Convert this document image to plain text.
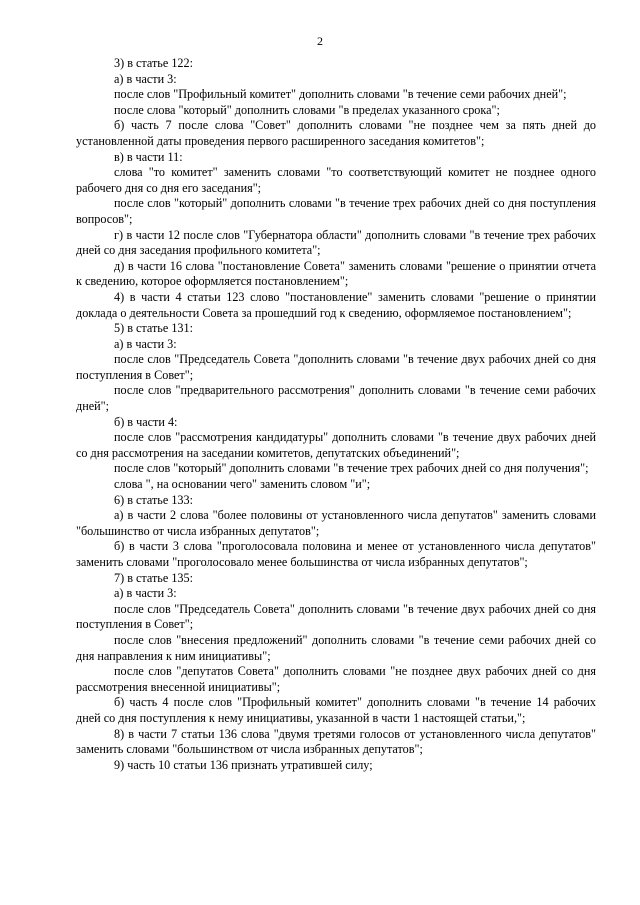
2

3) в статье 122:

а) в части 3:

после слов "Профильный комитет" дополнить словами "в течение семи рабочих дней";

после слова "который" дополнить словами "в пределах указанного срока";

б) часть 7 после слова "Совет" дополнить словами "не позднее чем за пять дней до установленной даты проведения первого расширенного заседания комитетов";

в) в части 11:

слова "то комитет" заменить словами "то соответствующий комитет не позднее одного рабочего дня со дня его заседания";

после слов "который" дополнить словами "в течение трех рабочих дней со дня поступления вопросов";

г) в части 12 после слов "Губернатора области" дополнить словами "в течение трех рабочих дней со дня заседания профильного комитета";

д) в части 16 слова "постановление Совета" заменить словами "решение о принятии отчета к сведению, которое оформляется постановлением";

4) в части 4 статьи 123 слово "постановление" заменить словами "решение о принятии доклада о деятельности Совета за прошедший год к сведению, оформляемое постановлением";

5) в статье 131:

а) в части 3:

после слов "Председатель Совета "дополнить словами "в течение двух рабочих дней со дня поступления в Совет";

после слов "предварительного рассмотрения" дополнить словами "в течение семи рабочих дней";

б) в части 4:

после слов "рассмотрения кандидатуры" дополнить словами "в течение двух рабочих дней со дня рассмотрения на заседании комитетов, депутатских объединений";

после слов "который" дополнить словами "в течение трех рабочих дней со дня получения";

слова ", на основании чего" заменить словом "и";

6) в статье 133:

а) в части 2 слова "более половины от установленного числа депутатов" заменить словами "большинство от числа избранных депутатов";

б) в части 3 слова "проголосовала половина и менее от установленного числа депутатов" заменить словами "проголосовало менее большинства от числа избранных депутатов";

7) в статье 135:

а) в части 3:

после слов "Председатель Совета" дополнить словами "в течение двух рабочих дней со дня поступления в Совет";

после слов "внесения предложений" дополнить словами "в течение семи рабочих дней со дня направления к ним инициативы";

после слов "депутатов Совета" дополнить словами "не позднее двух рабочих дней со дня рассмотрения внесенной инициативы";

б) часть 4 после слов "Профильный комитет" дополнить словами "в течение 14 рабочих дней со дня поступления к нему инициативы, указанной в части 1 настоящей статьи,";

8) в части 7 статьи 136 слова "двумя третями голосов от установленного числа депутатов" заменить словами "большинством от числа избранных депутатов";

9) часть 10 статьи 136 признать утратившей силу;
